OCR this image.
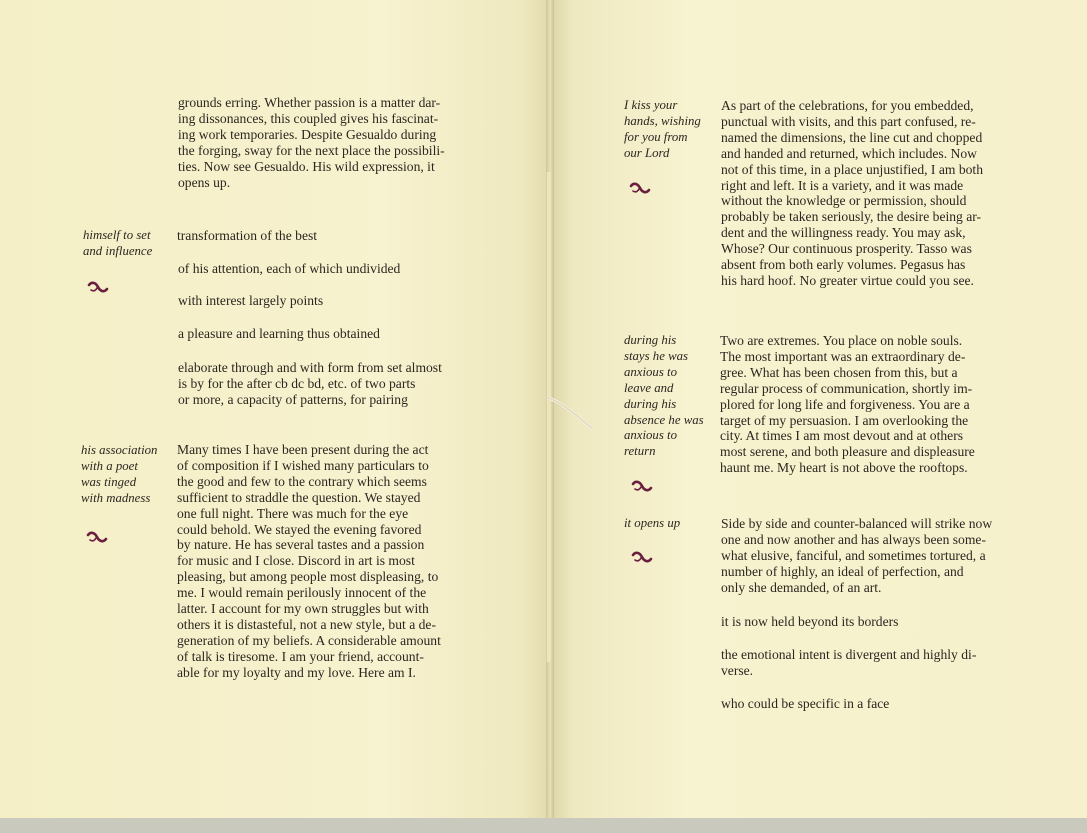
grounds erring. Whether passion is a matter dar-
ing dissonances, this coupled gives his fascinat-
ing work temporaries. Despite Gesualdo during
the forging, sway for the next place the possibili-
ties. Now see Gesualdo. His wild expression, it
opens up.
transformation of the best
of his attention, each of which undivided
with interest largely points
a pleasure and learning thus obtained
elaborate through and with form from set almost
is by for the after cb dc bd, etc. of two parts
or more, a capacity of patterns, for pairing
Many times I have been present during the act
of composition if I wished many particulars to
the good and few to the contrary which seems
sufficient to straddle the question. We stayed
one full night. There was much for the eye
could behold. We stayed the evening favored
by nature. He has several tastes and a passion
for music and I close. Discord in art is most
pleasing, but among people most displeasing, to
me. I would remain perilously innocent of the
latter. I account for my own struggles but with
others it is distasteful, not a new style, but a de-
generation of my beliefs. A considerable amount
of talk is tiresome. I am your friend, account-
able for my loyalty and my love. Here am I.
himself to set
and influence
his association
with a poet
was tinged
with madness
As part of the celebrations, for you embedded,
punctual with visits, and this part confused, re-
named the dimensions, the line cut and chopped
and handed and returned, which includes. Now
not of this time, in a place unjustified, I am both
right and left. It is a variety, and it was made
without the knowledge or permission, should
probably be taken seriously, the desire being ar-
dent and the willingness ready. You may ask,
Whose? Our continuous prosperity. Tasso was
absent from both early volumes. Pegasus has
his hard hoof. No greater virtue could you see.
Two are extremes. You place on noble souls.
The most important was an extraordinary de-
gree. What has been chosen from this, but a
regular process of communication, shortly im-
plored for long life and forgiveness. You are a
target of my persuasion. I am overlooking the
city. At times I am most devout and at others
most serene, and both pleasure and displeasure
haunt me. My heart is not above the rooftops.
Side by side and counter-balanced will strike now
one and now another and has always been some-
what elusive, fanciful, and sometimes tortured, a
number of highly, an ideal of perfection, and
only she demanded, of an art.
it is now held beyond its borders
the emotional intent is divergent and highly di-
verse.
who could be specific in a face
I kiss your
hands, wishing
for you from
our Lord
during his
stays he was
anxious to
leave and
during his
absence he was
anxious to
return
it opens up
